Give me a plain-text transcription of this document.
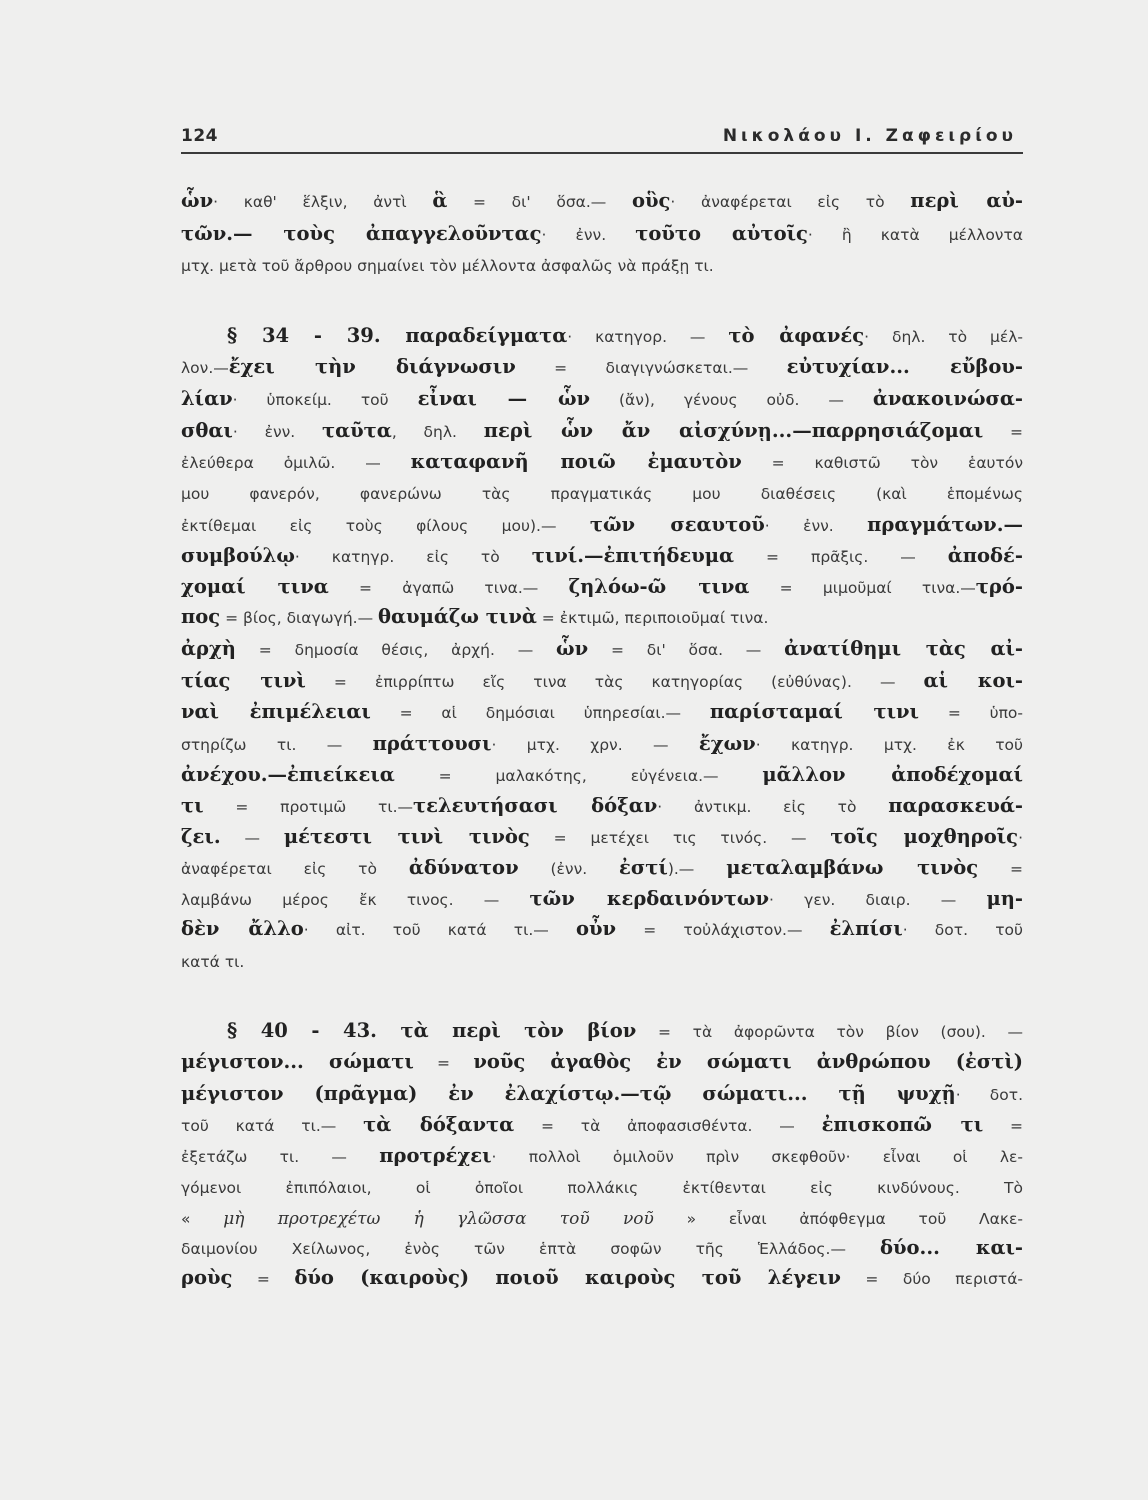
124	Νικολάου Ι. Ζαφειρίου
ὧν· καθ' ἕλξιν, ἀντὶ ἃ = δι' ὅσα.— οὓς· ἀναφέρεται εἰς τὸ περὶ αὐ-
τῶν.— τοὺς ἀπαγγελοῦντας· ἐνν. τοῦτο αὐτοῖς· ἢ κατὰ μέλλοντα
μτχ. μετὰ τοῦ ἄρθρου σημαίνει τὸν μέλλοντα ἀσφαλῶς νὰ πράξῃ τι.
§ 34 - 39. παραδείγματα· κατηγορ. — τὸ ἀφανές· δηλ. τὸ μέλ-
λον.—ἔχει τὴν διάγνωσιν = διαγιγνώσκεται.— εὐτυχίαν... εὔβου-
λίαν· ὑποκείμ. τοῦ εἶναι — ὧν (ἄν), γένους οὐδ. — ἀνακοινώσα-
σθαι· ἐνν. ταῦτα, δηλ. περὶ ὧν ἄν αἰσχύνῃ...—παρρησιάζομαι =
ἐλεύθερα ὁμιλῶ. — καταφανῆ ποιῶ ἐμαυτὸν = καθιστῶ τὸν ἑαυτόν
μου φανερόν, φανερώνω τὰς πραγματικάς μου διαθέσεις (καὶ ἑπομένως
ἐκτίθεμαι εἰς τοὺς φίλους μου).— τῶν σεαυτοῦ· ἐνν. πραγμάτων.—
συμβούλῳ· κατηγρ. εἰς τὸ τινί.—ἐπιτήδευμα = πρᾶξις. — ἀποδέ-
χομαί τινα = ἀγαπῶ τινα.— ζηλόω-ῶ τινα = μιμοῦμαί τινα.—τρό-
πος = βίος, διαγωγή.— θαυμάζω τινὰ = ἐκτιμῶ, περιποιοῦμαί τινα.
ἀρχὴ = δημοσία θέσις, ἀρχή. — ὧν = δι' ὅσα. — ἀνατίθημι τὰς αἰ-
τίας τινὶ = ἐπιρρίπτω εἴς τινα τὰς κατηγορίας (εὐθύνας). — αἱ κοι-
ναὶ ἐπιμέλειαι = αἱ δημόσιαι ὑπηρεσίαι.— παρίσταμαί τινι = ὑπο-
στηρίζω τι. — πράττουσι· μτχ. χρν. — ἔχων· κατηγρ. μτχ. ἐκ τοῦ
ἀνέχου.—ἐπιείκεια = μαλακότης, εὐγένεια.— μᾶλλον ἀποδέχομαί
τι = προτιμῶ τι.—τελευτήσασι δόξαν· ἀντικμ. εἰς τὸ παρασκευά-
ζει. — μέτεστι τινὶ τινὸς = μετέχει τις τινός. — τοῖς μοχθηροῖς·
ἀναφέρεται εἰς τὸ ἀδύνατον (ἐνν. ἐστί).— μεταλαμβάνω τινὸς =
λαμβάνω μέρος ἔκ τινος. — τῶν κερδαινόντων· γεν. διαιρ. — μη-
δὲν ἄλλο· αἰτ. τοῦ κατά τι.— οὖν = τοὐλάχιστον.— ἐλπίσι· δοτ. τοῦ
κατά τι.
§ 40 - 43. τὰ περὶ τὸν βίον = τὰ ἀφορῶντα τὸν βίον (σου). —
μέγιστον... σώματι = νοῦς ἀγαθὸς ἐν σώματι ἀνθρώπου (ἐστὶ)
μέγιστον (πρᾶγμα) ἐν ἐλαχίστῳ.—τῷ σώματι... τῇ ψυχῇ· δοτ.
τοῦ κατά τι.— τὰ δόξαντα = τὰ ἀποφασισθέντα. — ἐπισκοπῶ τι =
ἐξετάζω τι. — προτρέχει· πολλοὶ ὁμιλοῦν πρὶν σκεφθοῦν· εἶναι οἱ λε-
γόμενοι ἐπιπόλαιοι, οἱ ὁποῖοι πολλάκις ἐκτίθενται εἰς κινδύνους. Τὸ
« μὴ προτρεχέτω ἡ γλῶσσα τοῦ νοῦ » εἶναι ἀπόφθεγμα τοῦ Λακε-
δαιμονίου Χείλωνος, ἑνὸς τῶν ἑπτὰ σοφῶν τῆς Ἑλλάδος.— δύο... και-
ροὺς = δύο (καιροὺς) ποιοῦ καιροὺς τοῦ λέγειν = δύο περιστά-
